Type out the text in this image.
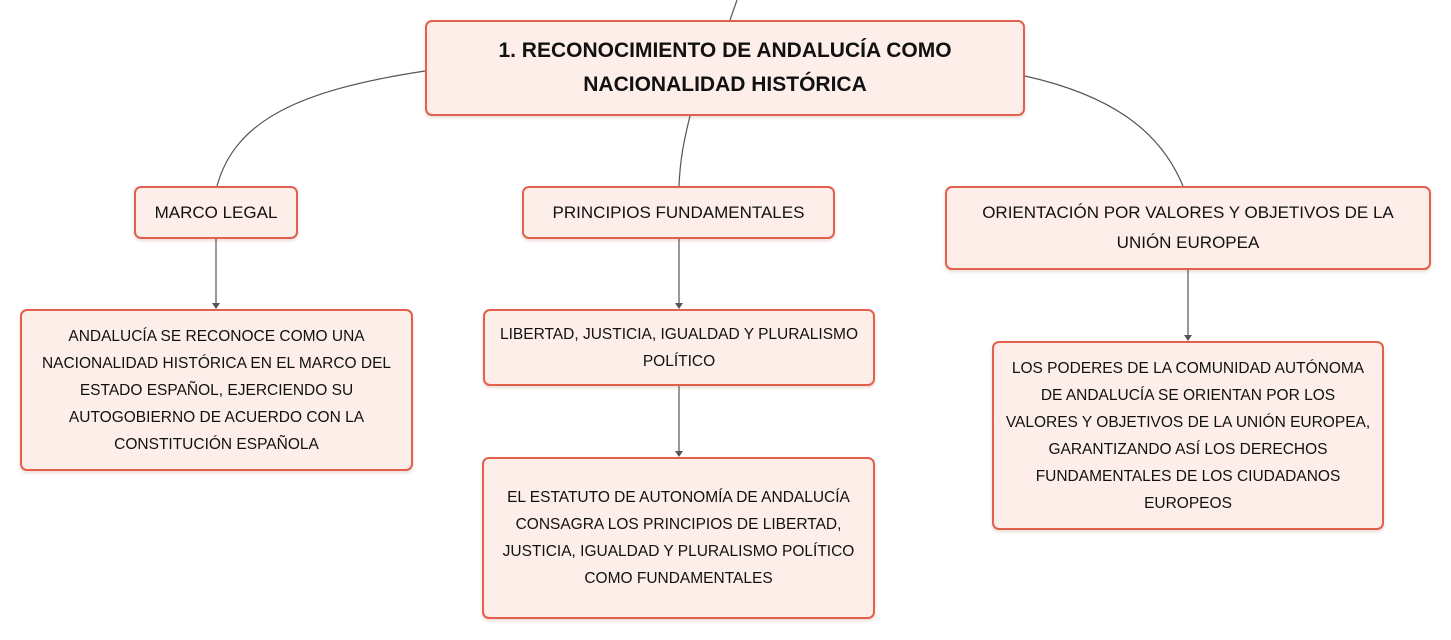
1. RECONOCIMIENTO DE ANDALUCÍA COMO NACIONALIDAD HISTÓRICA
MARCO LEGAL	PRINCIPIOS FUNDAMENTALES	ORIENTACIÓN POR VALORES Y OBJETIVOS DE LA UNIÓN EUROPEA
ANDALUCÍA SE RECONOCE COMO UNA NACIONALIDAD HISTÓRICA EN EL MARCO DEL ESTADO ESPAÑOL, EJERCIENDO SU AUTOGOBIERNO DE ACUERDO CON LA CONSTITUCIÓN ESPAÑOLA
LIBERTAD, JUSTICIA, IGUALDAD Y PLURALISMO POLÍTICO
EL ESTATUTO DE AUTONOMÍA DE ANDALUCÍA CONSAGRA LOS PRINCIPIOS DE LIBERTAD, JUSTICIA, IGUALDAD Y PLURALISMO POLÍTICO COMO FUNDAMENTALES
LOS PODERES DE LA COMUNIDAD AUTÓNOMA DE ANDALUCÍA SE ORIENTAN POR LOS VALORES Y OBJETIVOS DE LA UNIÓN EUROPEA, GARANTIZANDO ASÍ LOS DERECHOS FUNDAMENTALES DE LOS CIUDADANOS EUROPEOS
